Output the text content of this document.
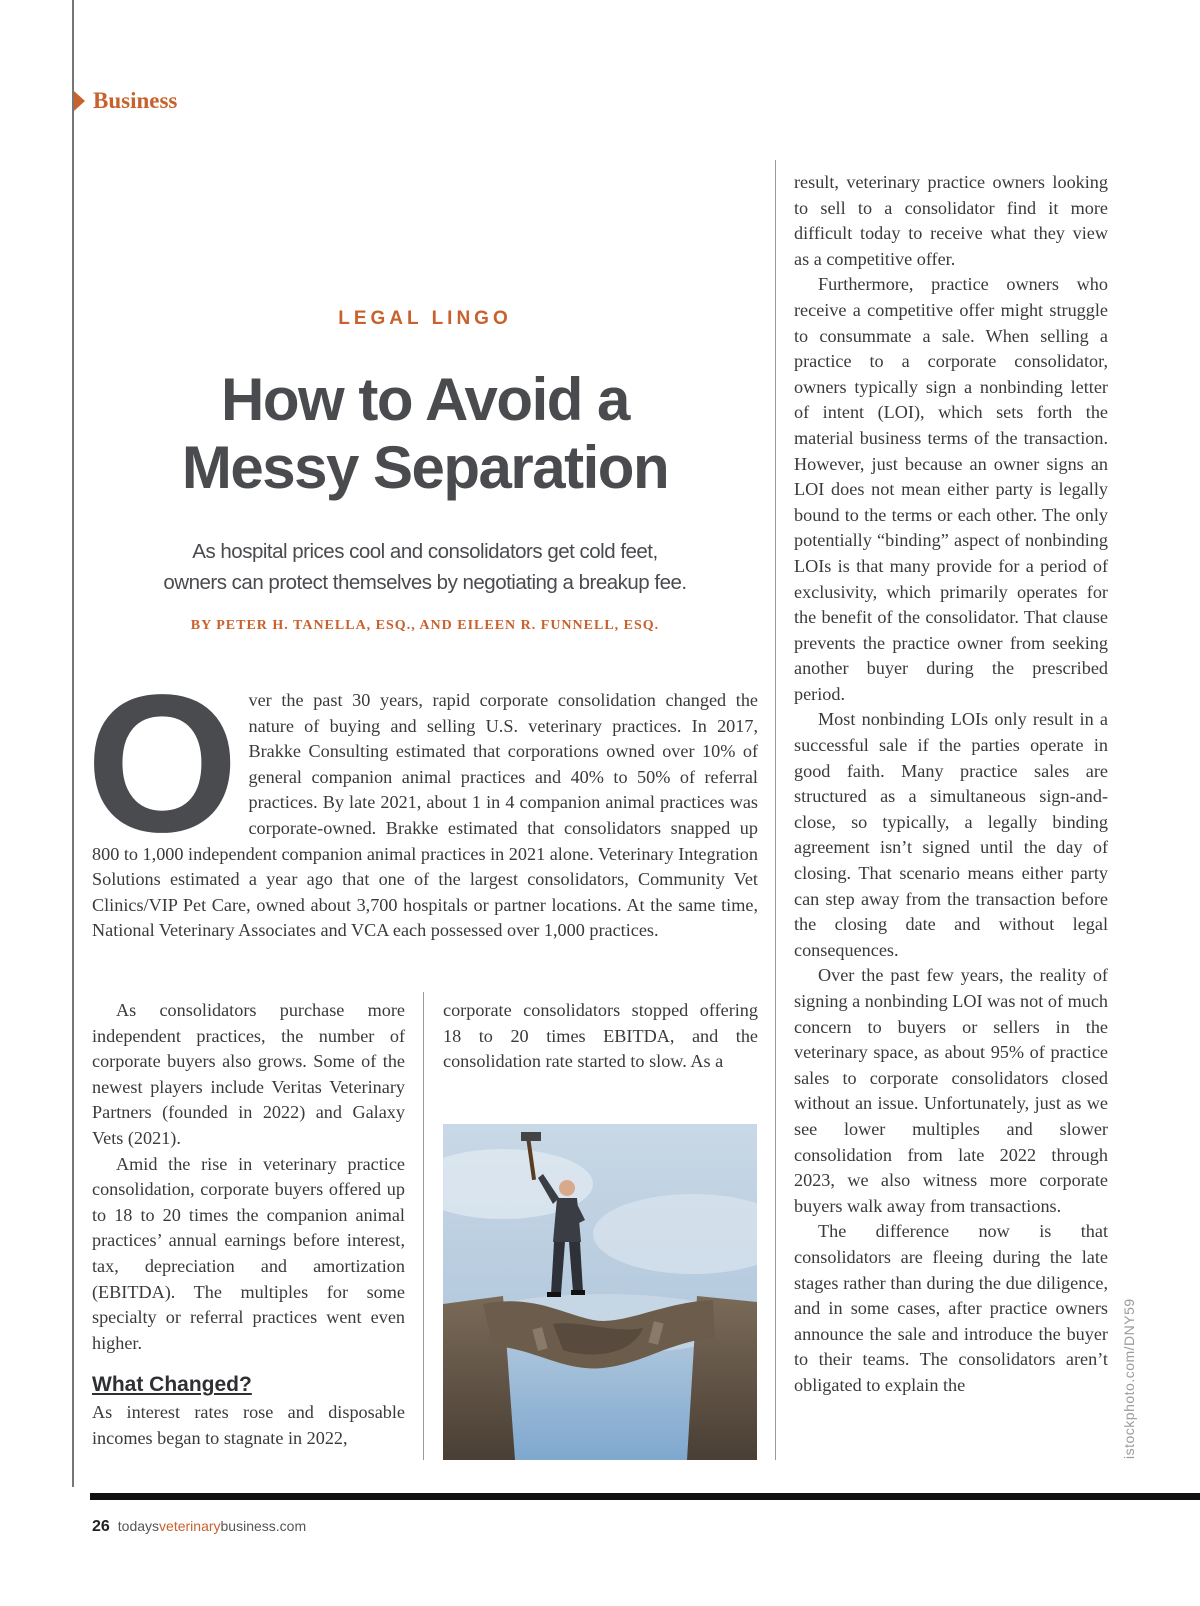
Business
LEGAL LINGO
How to Avoid a
Messy Separation
As hospital prices cool and consolidators get cold feet,
owners can protect themselves by negotiating a breakup fee.
BY PETER H. TANELLA, ESQ., AND EILEEN R. FUNNELL, ESQ.
O ver the past 30 years, rapid corporate consolidation changed the nature of buying and selling U.S. veterinary practices. In 2017, Brakke Consulting estimated that corporations owned over 10% of general companion animal practices and 40% to 50% of referral practices. By late 2021, about 1 in 4 companion animal practices was corporate-owned. Brakke estimated that consolidators snapped up 800 to 1,000 independent companion animal practices in 2021 alone. Veterinary Integration Solutions estimated a year ago that one of the largest consolidators, Community Vet Clinics/VIP Pet Care, owned about 3,700 hospitals or partner locations. At the same time, National Veterinary Associates and VCA each possessed over 1,000 practices.

As consolidators purchase more independent practices, the number of corporate buyers also grows. Some of the newest players include Veritas Veterinary Partners (founded in 2022) and Galaxy Vets (2021).

Amid the rise in veterinary practice consolidation, corporate buyers offered up to 18 to 20 times the companion animal practices’ annual earnings before interest, tax, depreciation and amortization (EBITDA). The multiples for some specialty or referral practices went even higher.

What Changed?

As interest rates rose and disposable incomes began to stagnate in 2022,

corporate consolidators stopped offering 18 to 20 times EBITDA, and the consolidation rate started to slow. As a

result, veterinary practice owners looking to sell to a consolidator find it more difficult today to receive what they view as a competitive offer.

Furthermore, practice owners who receive a competitive offer might struggle to consummate a sale. When selling a practice to a corporate consolidator, owners typically sign a nonbinding letter of intent (LOI), which sets forth the material business terms of the transaction. However, just because an owner signs an LOI does not mean either party is legally bound to the terms or each other. The only potentially “binding” aspect of nonbinding LOIs is that many provide for a period of exclusivity, which primarily operates for the benefit of the consolidator. That clause prevents the practice owner from seeking another buyer during the prescribed period.

Most nonbinding LOIs only result in a successful sale if the parties operate in good faith. Many practice sales are structured as a simultaneous sign-and-close, so typically, a legally binding agreement isn’t signed until the day of closing. That scenario means either party can step away from the transaction before the closing date and without legal consequences.

Over the past few years, the reality of signing a nonbinding LOI was not of much concern to buyers or sellers in the veterinary space, as about 95% of practice sales to corporate consolidators closed without an issue. Unfortunately, just as we see lower multiples and slower consolidation from late 2022 through 2023, we also witness more corporate buyers walk away from transactions.

The difference now is that consolidators are fleeing during the late stages rather than during the due diligence, and in some cases, after practice owners announce the sale and introduce the buyer to their teams. The consolidators aren’t obligated to explain the	istockphoto.com/DNY59
26 todaysveterinarybusiness.com
